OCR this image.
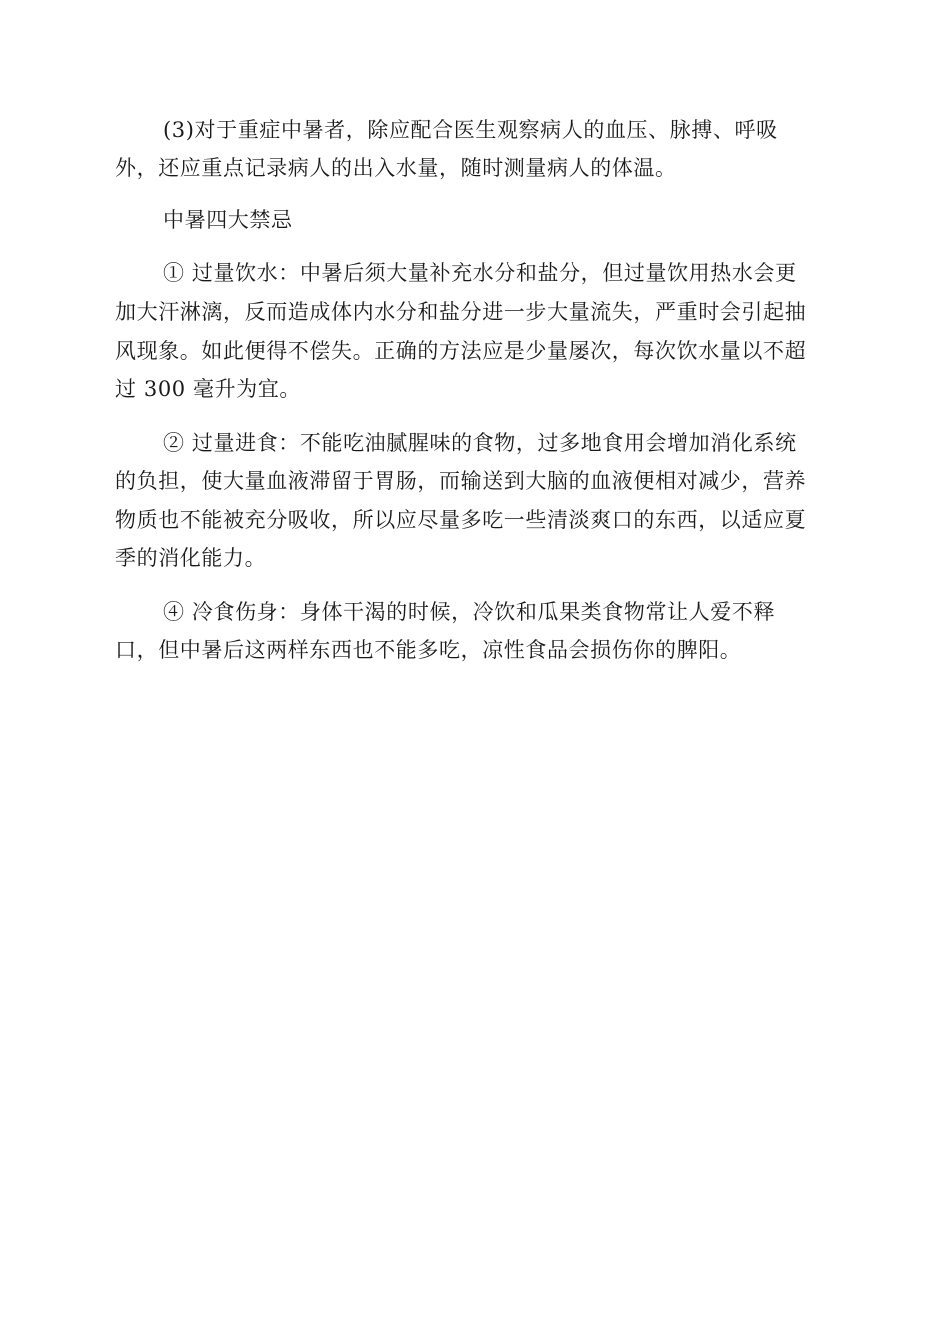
(3)对于重症中暑者，除应配合医生观察病人的血压、脉搏、呼吸
外，还应重点记录病人的出入水量，随时测量病人的体温。
中暑四大禁忌
① 过量饮水：中暑后须大量补充水分和盐分，但过量饮用热水会更
加大汗淋漓，反而造成体内水分和盐分进一步大量流失，严重时会引起抽
风现象。如此便得不偿失。正确的方法应是少量屡次，每次饮水量以不超
过 300 毫升为宜。
② 过量进食：不能吃油腻腥味的食物，过多地食用会增加消化系统
的负担，使大量血液滞留于胃肠，而输送到大脑的血液便相对减少，营养
物质也不能被充分吸收，所以应尽量多吃一些清淡爽口的东西，以适应夏
季的消化能力。
④ 冷食伤身：身体干渴的时候，冷饮和瓜果类食物常让人爱不释
口，但中暑后这两样东西也不能多吃，凉性食品会损伤你的脾阳。
